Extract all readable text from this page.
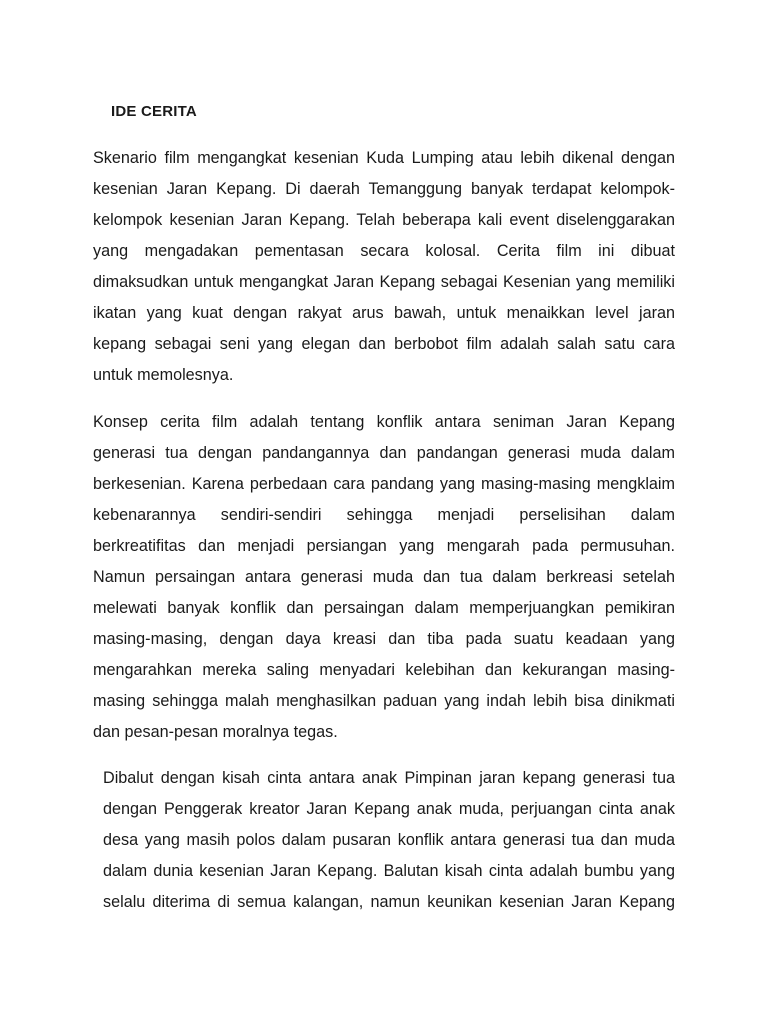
IDE CERITA
Skenario film mengangkat kesenian Kuda Lumping atau lebih dikenal dengan
kesenian Jaran Kepang. Di daerah Temanggung banyak terdapat kelompok-
kelompok kesenian Jaran Kepang. Telah beberapa kali event diselenggarakan
yang mengadakan pementasan secara kolosal. Cerita film ini dibuat
dimaksudkan untuk mengangkat Jaran Kepang sebagai Kesenian yang memiliki
ikatan yang kuat dengan rakyat arus bawah, untuk menaikkan level jaran
kepang sebagai seni yang elegan dan berbobot film adalah salah satu cara
untuk memolesnya.
Konsep cerita film adalah tentang konflik antara seniman Jaran Kepang
generasi tua dengan pandangannya dan pandangan generasi muda dalam
berkesenian. Karena perbedaan cara pandang yang masing-masing mengklaim
kebenarannya sendiri-sendiri sehingga menjadi perselisihan dalam
berkreatifitas dan menjadi persiangan yang mengarah pada permusuhan.
Namun persaingan antara generasi muda dan tua dalam berkreasi setelah
melewati banyak konflik dan persaingan dalam memperjuangkan pemikiran
masing-masing, dengan daya kreasi dan tiba pada suatu keadaan yang
mengarahkan mereka saling menyadari kelebihan dan kekurangan masing-
masing sehingga malah menghasilkan paduan yang indah lebih bisa dinikmati
dan pesan-pesan moralnya tegas.
Dibalut dengan kisah cinta antara anak Pimpinan jaran kepang generasi tua
dengan Penggerak kreator Jaran Kepang anak muda, perjuangan cinta anak
desa yang masih polos dalam pusaran konflik antara generasi tua dan muda
dalam dunia kesenian Jaran Kepang. Balutan kisah cinta adalah bumbu yang
selalu diterima di semua kalangan, namun keunikan kesenian Jaran Kepang
